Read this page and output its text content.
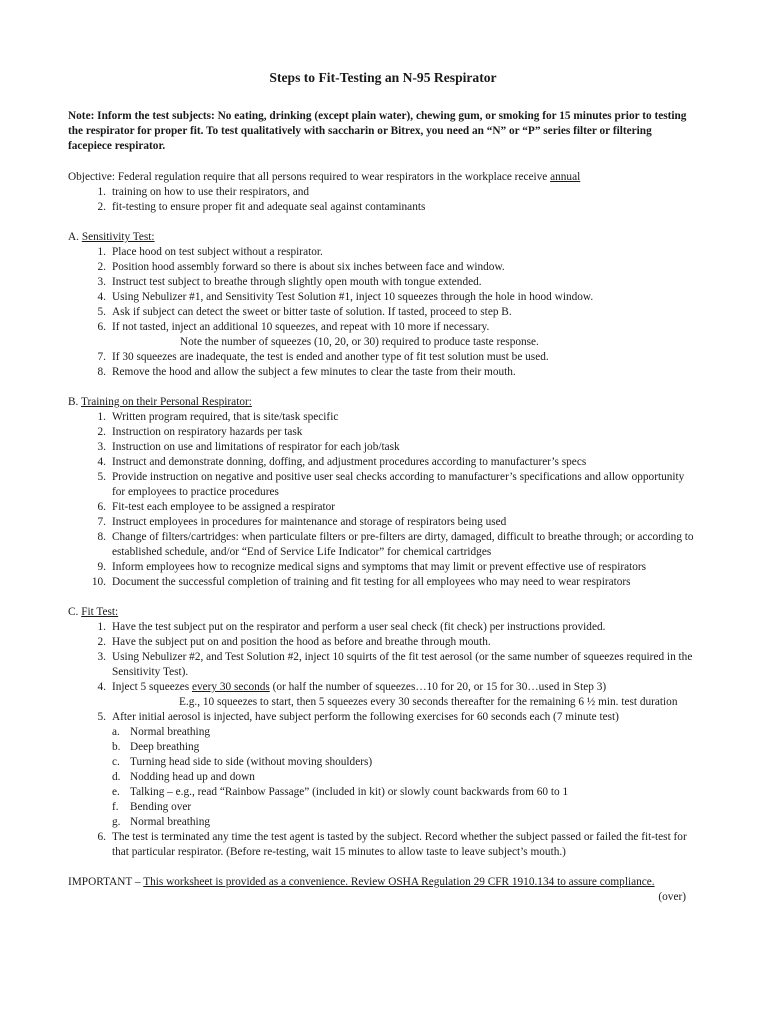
Steps to Fit-Testing an N-95 Respirator

Note: Inform the test subjects: No eating, drinking (except plain water), chewing gum, or smoking for 15 minutes prior to testing the respirator for proper fit. To test qualitatively with saccharin or Bitrex, you need an “N” or “P” series filter or filtering facepiece respirator.

Objective: Federal regulation require that all persons required to wear respirators in the workplace receive annual

1. training on how to use their respirators, and
2. fit-testing to ensure proper fit and adequate seal against contaminants

A. Sensitivity Test:

1. Place hood on test subject without a respirator.
2. Position hood assembly forward so there is about six inches between face and window.
3. Instruct test subject to breathe through slightly open mouth with tongue extended.
4. Using Nebulizer #1, and Sensitivity Test Solution #1, inject 10 squeezes through the hole in hood window.
5. Ask if subject can detect the sweet or bitter taste of solution. If tasted, proceed to step B.
6. If not tasted, inject an additional 10 squeezes, and repeat with 10 more if necessary.
Note the number of squeezes (10, 20, or 30) required to produce taste response.
7. If 30 squeezes are inadequate, the test is ended and another type of fit test solution must be used.
8. Remove the hood and allow the subject a few minutes to clear the taste from their mouth.

B. Training on their Personal Respirator:

1. Written program required, that is site/task specific
2. Instruction on respiratory hazards per task
3. Instruction on use and limitations of respirator for each job/task
4. Instruct and demonstrate donning, doffing, and adjustment procedures according to manufacturer’s specs
5. Provide instruction on negative and positive user seal checks according to manufacturer’s specifications and allow opportunity for employees to practice procedures
6. Fit-test each employee to be assigned a respirator
7. Instruct employees in procedures for maintenance and storage of respirators being used
8. Change of filters/cartridges: when particulate filters or pre-filters are dirty, damaged, difficult to breathe through; or according to established schedule, and/or “End of Service Life Indicator” for chemical cartridges
9. Inform employees how to recognize medical signs and symptoms that may limit or prevent effective use of respirators
10. Document the successful completion of training and fit testing for all employees who may need to wear respirators

C. Fit Test:

1. Have the test subject put on the respirator and perform a user seal check (fit check) per instructions provided.
2. Have the subject put on and position the hood as before and breathe through mouth.
3. Using Nebulizer #2, and Test Solution #2, inject 10 squirts of the fit test aerosol (or the same number of squeezes required in the Sensitivity Test).
4. Inject 5 squeezes every 30 seconds (or half the number of squeezes…10 for 20, or 15 for 30…used in Step 3)
E.g., 10 squeezes to start, then 5 squeezes every 30 seconds thereafter for the remaining 6 ½ min. test duration
5. After initial aerosol is injected, have subject perform the following exercises for 60 seconds each (7 minute test)
a. Normal breathing
b. Deep breathing
c. Turning head side to side (without moving shoulders)
d. Nodding head up and down
e. Talking – e.g., read “Rainbow Passage” (included in kit) or slowly count backwards from 60 to 1
f. Bending over
g. Normal breathing
6. The test is terminated any time the test agent is tasted by the subject. Record whether the subject passed or failed the fit-test for that particular respirator. (Before re-testing, wait 15 minutes to allow taste to leave subject’s mouth.)

IMPORTANT – This worksheet is provided as a convenience. Review OSHA Regulation 29 CFR 1910.134 to assure compliance.

(over)
